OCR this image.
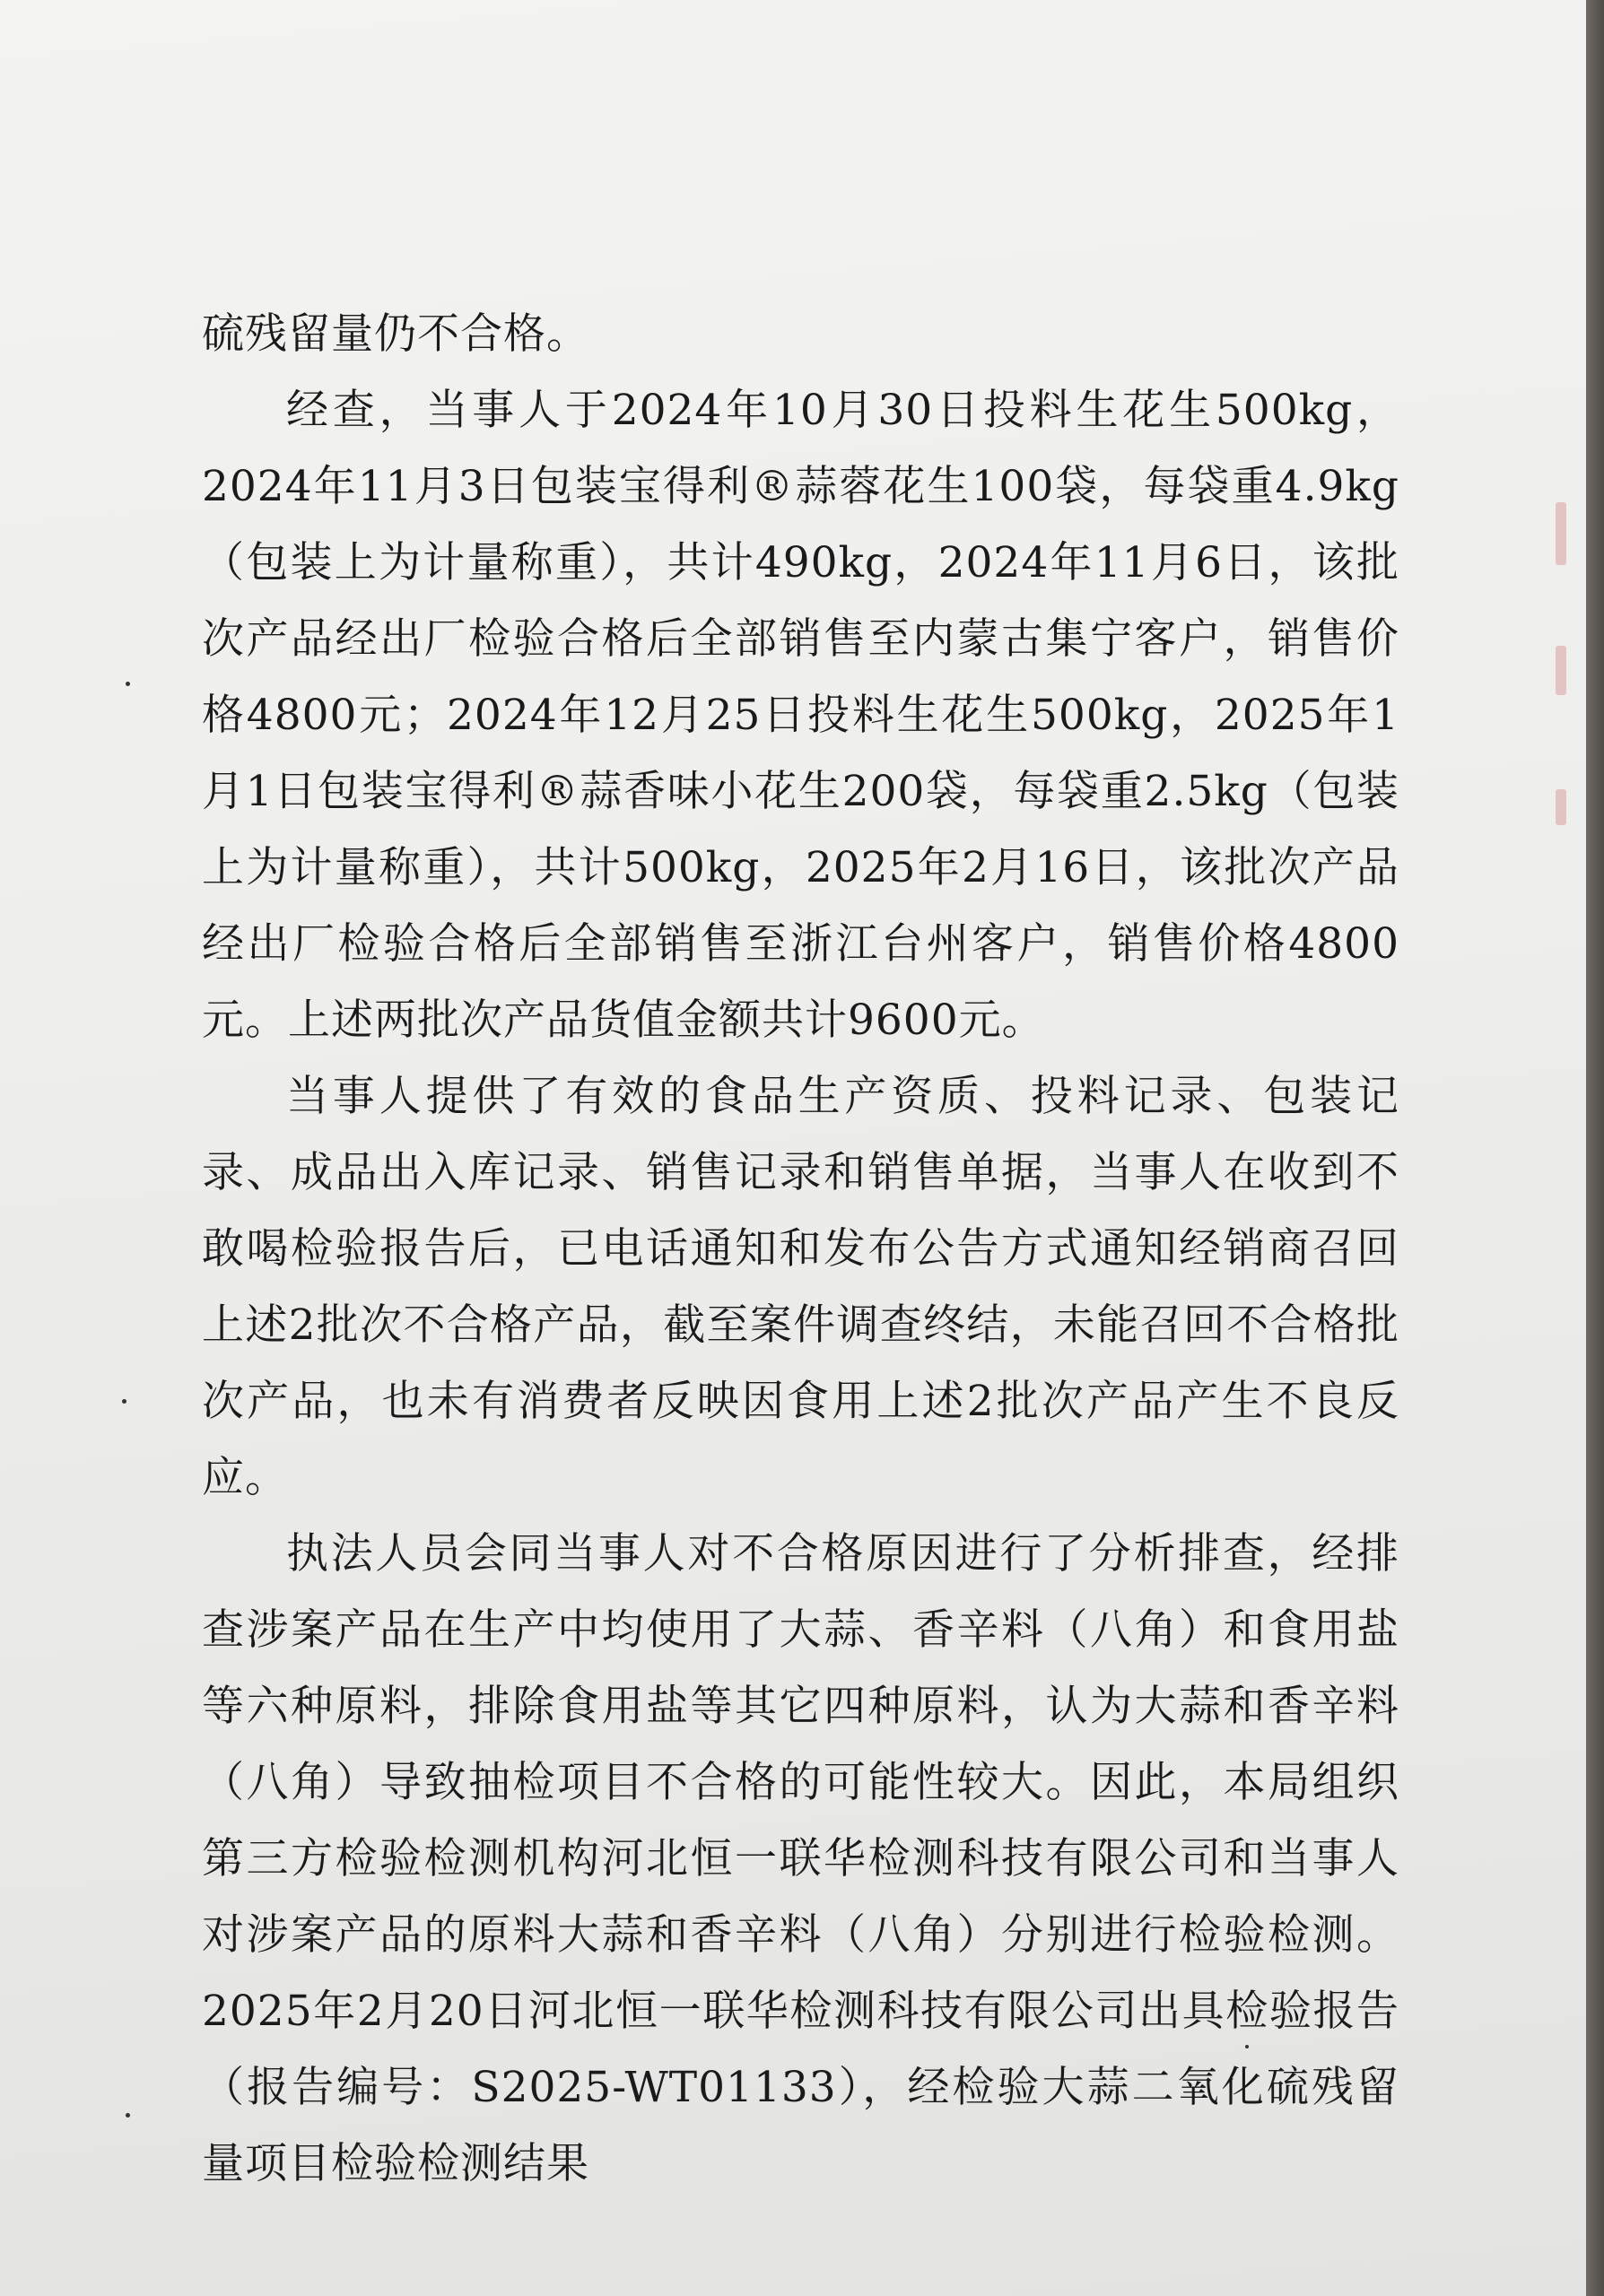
硫残留量仍不合格。

经查，当事人于2024年10月30日投料生花生500kg，2024年11月3日包装宝得利®蒜蓉花生100袋，每袋重4.9kg（包装上为计量称重），共计490kg，2024年11月6日，该批次产品经出厂检验合格后全部销售至内蒙古集宁客户，销售价格4800元；2024年12月25日投料生花生500kg，2025年1月1日包装宝得利®蒜香味小花生200袋，每袋重2.5kg（包装上为计量称重），共计500kg，2025年2月16日，该批次产品经出厂检验合格后全部销售至浙江台州客户，销售价格4800元。上述两批次产品货值金额共计9600元。

当事人提供了有效的食品生产资质、投料记录、包装记录、成品出入库记录、销售记录和销售单据，当事人在收到不敢喝检验报告后，已电话通知和发布公告方式通知经销商召回上述2批次不合格产品，截至案件调查终结，未能召回不合格批次产品，也未有消费者反映因食用上述2批次产品产生不良反应。

执法人员会同当事人对不合格原因进行了分析排查，经排查涉案产品在生产中均使用了大蒜、香辛料（八角）和食用盐等六种原料，排除食用盐等其它四种原料，认为大蒜和香辛料（八角）导致抽检项目不合格的可能性较大。因此，本局组织第三方检验检测机构河北恒一联华检测科技有限公司和当事人对涉案产品的原料大蒜和香辛料（八角）分别进行检验检测。2025年2月20日河北恒一联华检测科技有限公司出具检验报告（报告编号：S2025-WT01133），经检验大蒜二氧化硫残留量项目检验检测结果
